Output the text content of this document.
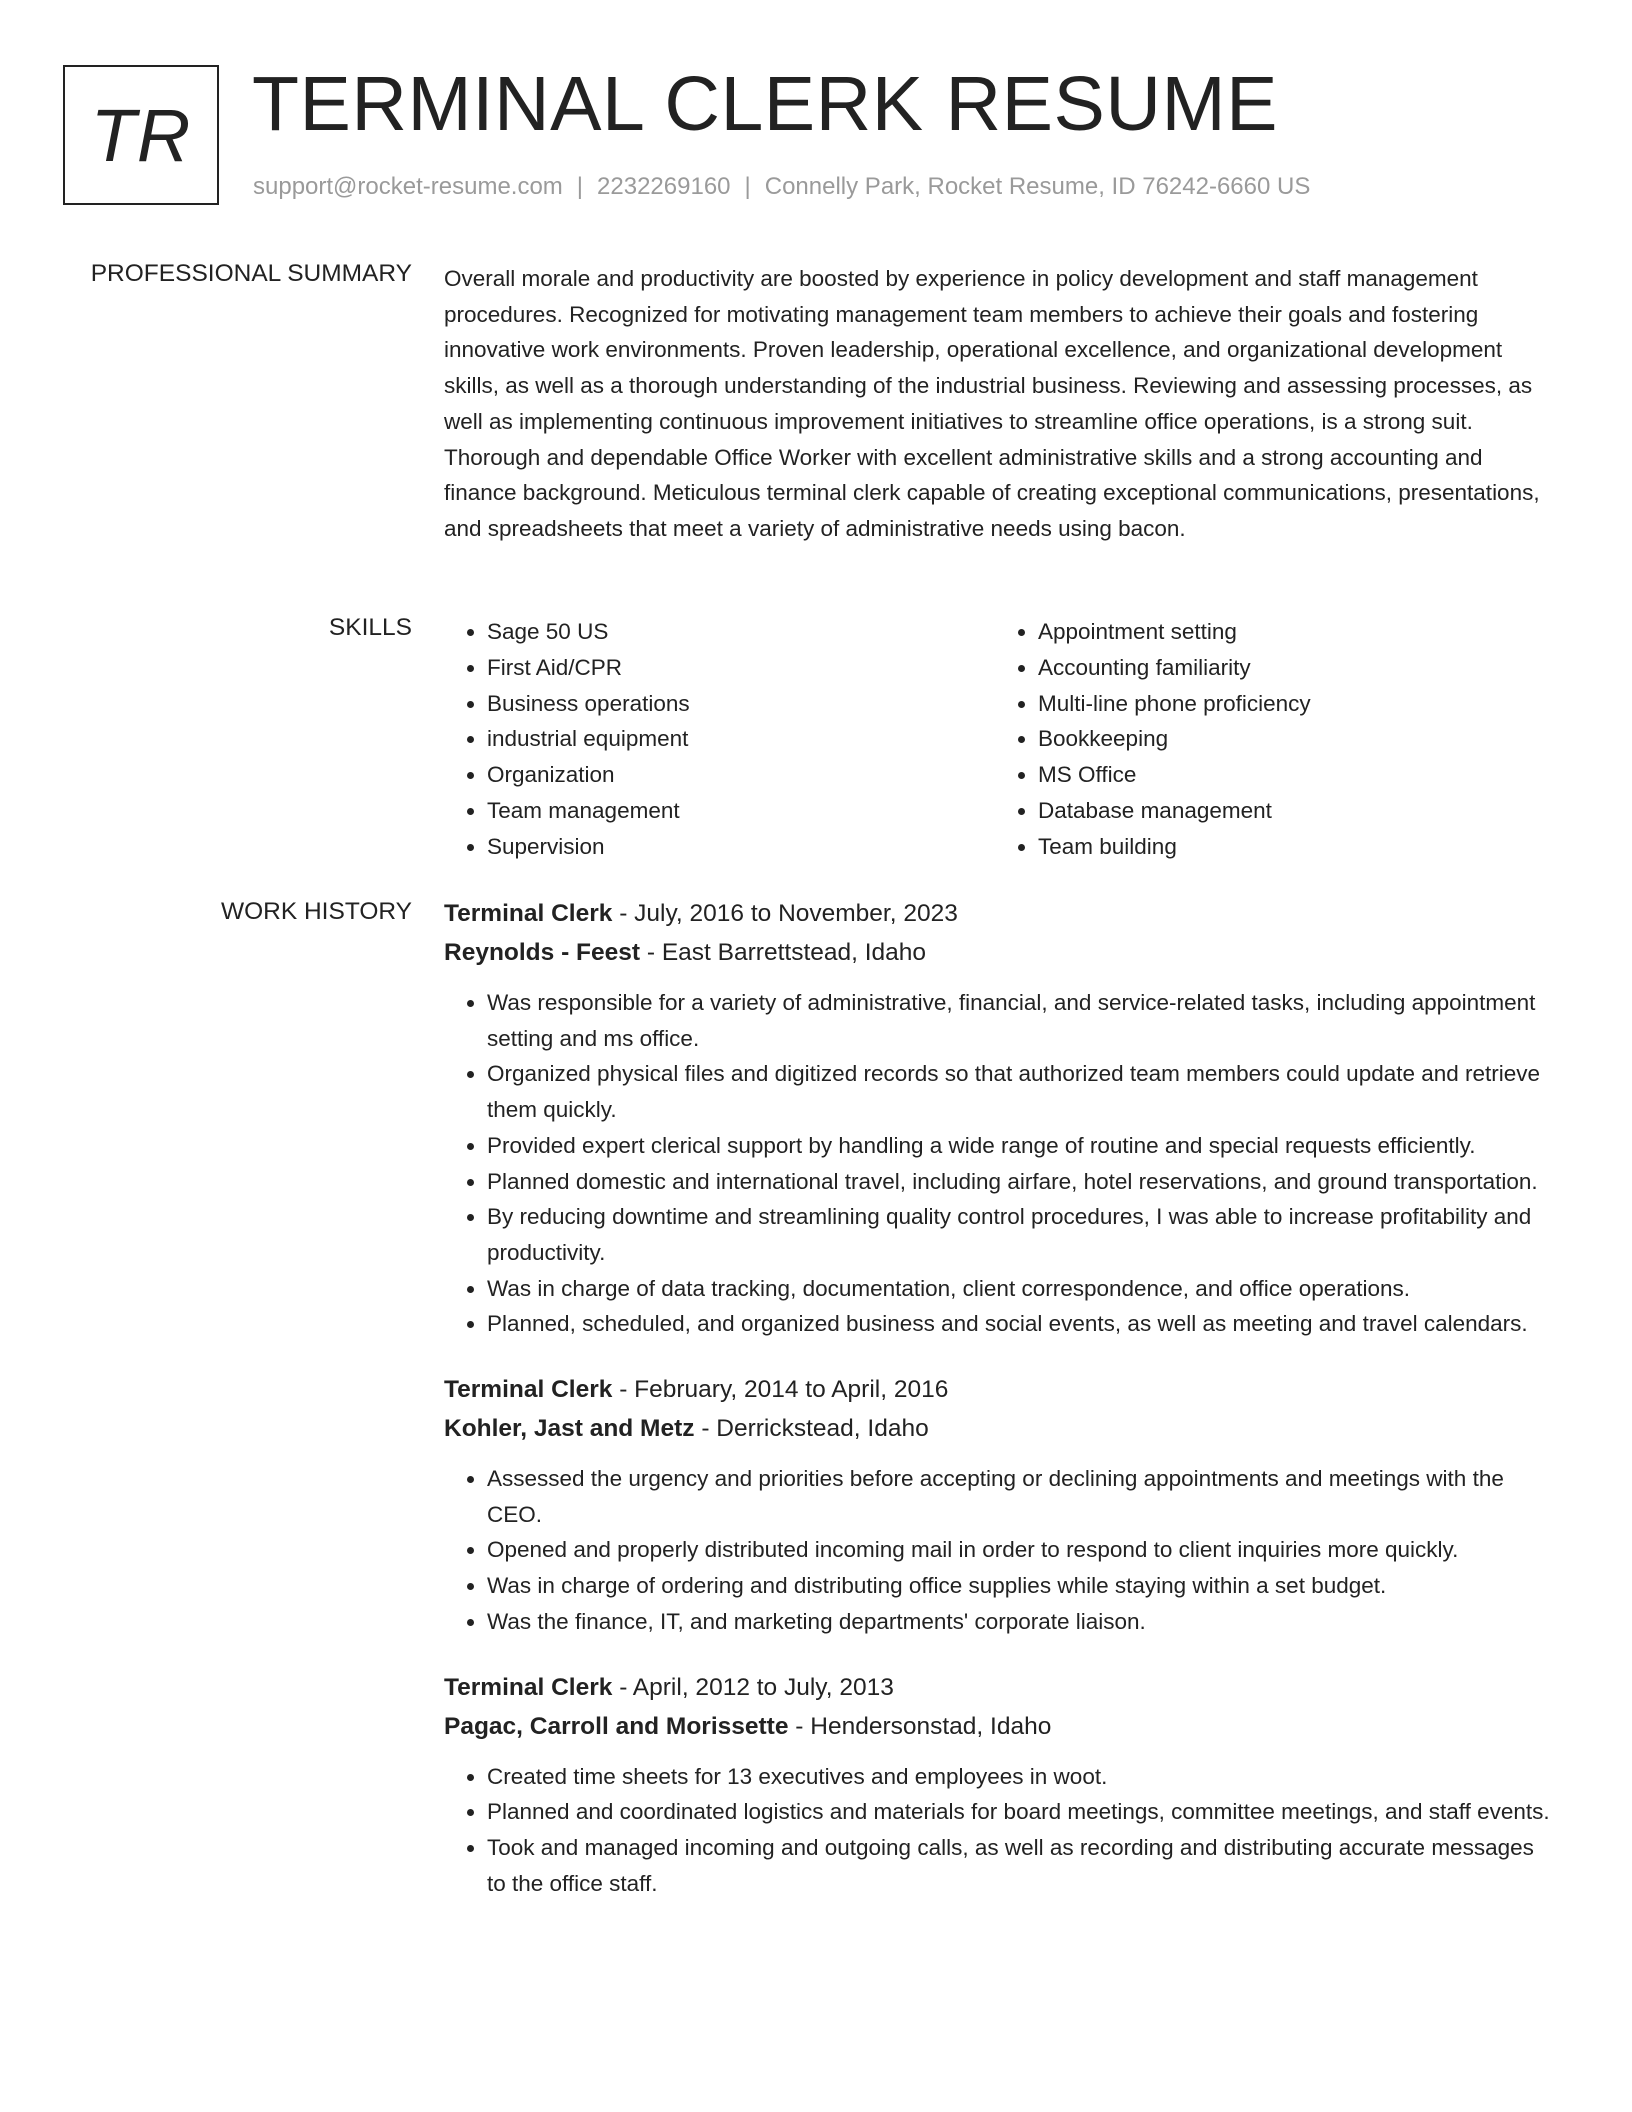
TR TERMINAL CLERK RESUME
support@rocket-resume.com | 2232269160 | Connelly Park, Rocket Resume, ID 76242-6660 US
PROFESSIONAL SUMMARY Overall morale and productivity are boosted by experience in policy development and staff management procedures. Recognized for motivating management team members to achieve their goals and fostering innovative work environments. Proven leadership, operational excellence, and organizational development skills, as well as a thorough understanding of the industrial business. Reviewing and assessing processes, as well as implementing continuous improvement initiatives to streamline office operations, is a strong suit. Thorough and dependable Office Worker with excellent administrative skills and a strong accounting and finance background. Meticulous terminal clerk capable of creating exceptional communications, presentations, and spreadsheets that meet a variety of administrative needs using bacon.

SKILLS
•	Sage 50 US
• First Aid/CPR
• Business operations
• industrial equipment
• Organization
• Team management
• Supervision
• Appointment setting
• Accounting familiarity
• Multi-line phone proficiency
• Bookkeeping
• MS Office
• Database management
• Team building
WORK HISTORY Terminal Clerk - July, 2016 to November, 2023
Reynolds - Feest - East Barrettstead, Idaho
• Was responsible for a variety of administrative, financial, and service-related tasks, including appointment setting and ms office.
• Organized physical files and digitized records so that authorized team members could update and retrieve them quickly.
• Provided expert clerical support by handling a wide range of routine and special requests efficiently.
• Planned domestic and international travel, including airfare, hotel reservations, and ground transportation.
• By reducing downtime and streamlining quality control procedures, I was able to increase profitability and productivity.
• Was in charge of data tracking, documentation, client correspondence, and office operations.
• Planned, scheduled, and organized business and social events, as well as meeting and travel calendars.
Terminal Clerk - February, 2014 to April, 2016
Kohler, Jast and Metz - Derrickstead, Idaho
• Assessed the urgency and priorities before accepting or declining appointments and meetings with the CEO.
• Opened and properly distributed incoming mail in order to respond to client inquiries more quickly.
• Was in charge of ordering and distributing office supplies while staying within a set budget.
• Was the finance, IT, and marketing departments' corporate liaison.
Terminal Clerk - April, 2012 to July, 2013
Pagac, Carroll and Morissette - Hendersonstad, Idaho
• Created time sheets for 13 executives and employees in woot.
• Planned and coordinated logistics and materials for board meetings, committee meetings, and staff events.
• Took and managed incoming and outgoing calls, as well as recording and distributing accurate messages to the office staff.
